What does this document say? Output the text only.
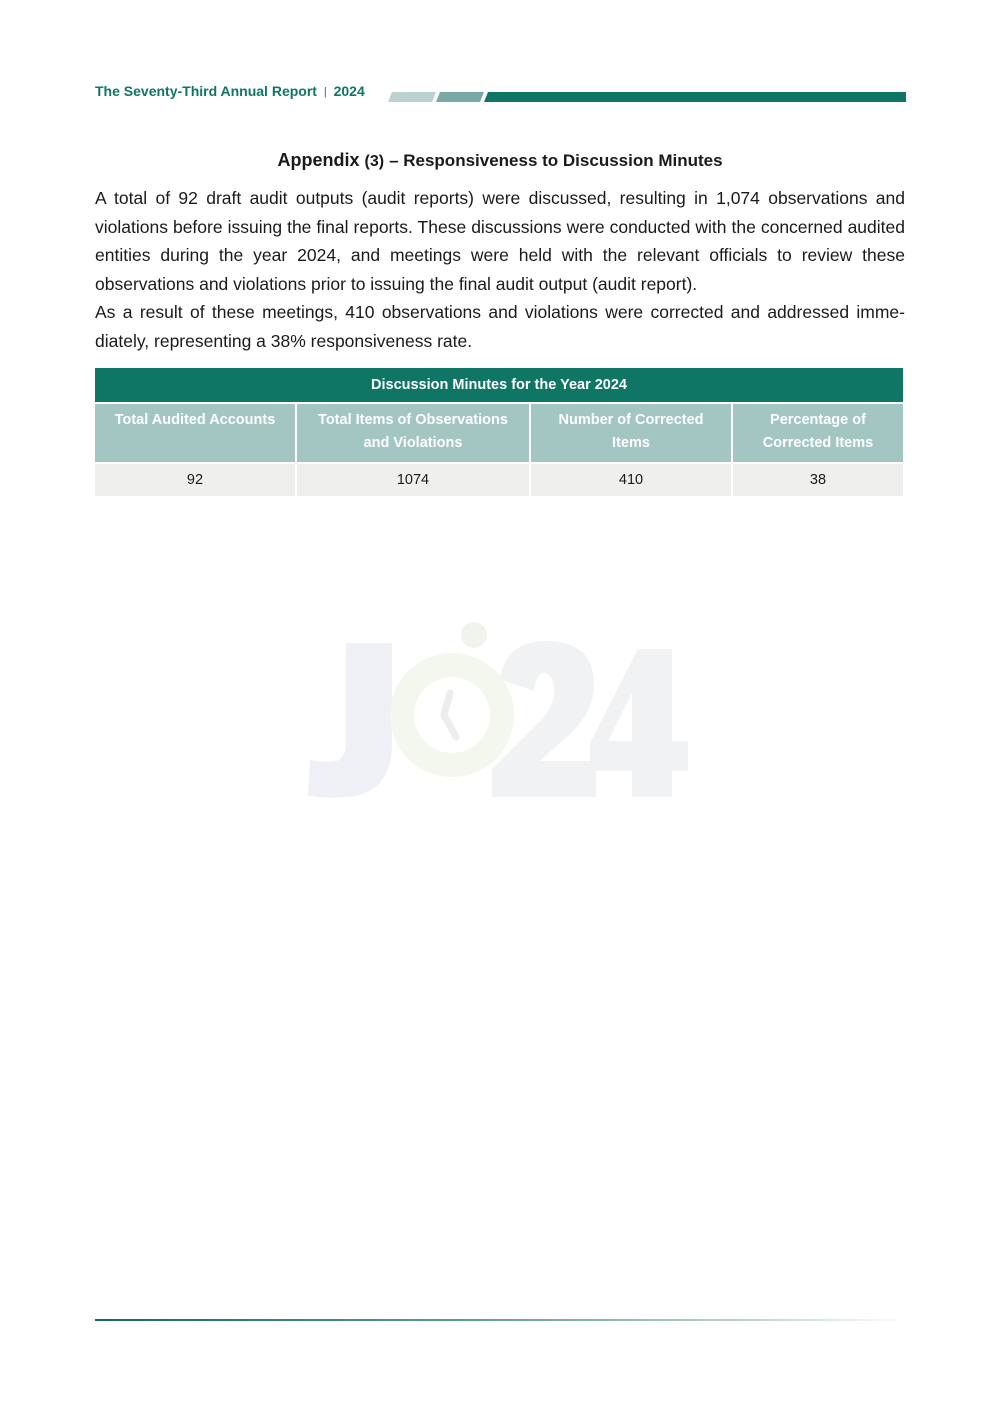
The Seventy-Third Annual Report | 2024
Appendix (3) – Responsiveness to Discussion Minutes

A total of 92 draft audit outputs (audit reports) were discussed, resulting in 1,074 observations and violations before issuing the final reports. These discussions were conducted with the concerned audited entities during the year 2024, and meetings were held with the relevant officials to review these observations and violations prior to issuing the final audit output (audit report).

As a result of these meetings, 410 observations and violations were corrected and addressed imme-diately, representing a 38% responsiveness rate.

Discussion Minutes for the Year 2024			
Total Audited Accounts	Total Items of Observations and Violations	Number of Corrected Items	Percentage of Corrected Items
92	1074	410	38
